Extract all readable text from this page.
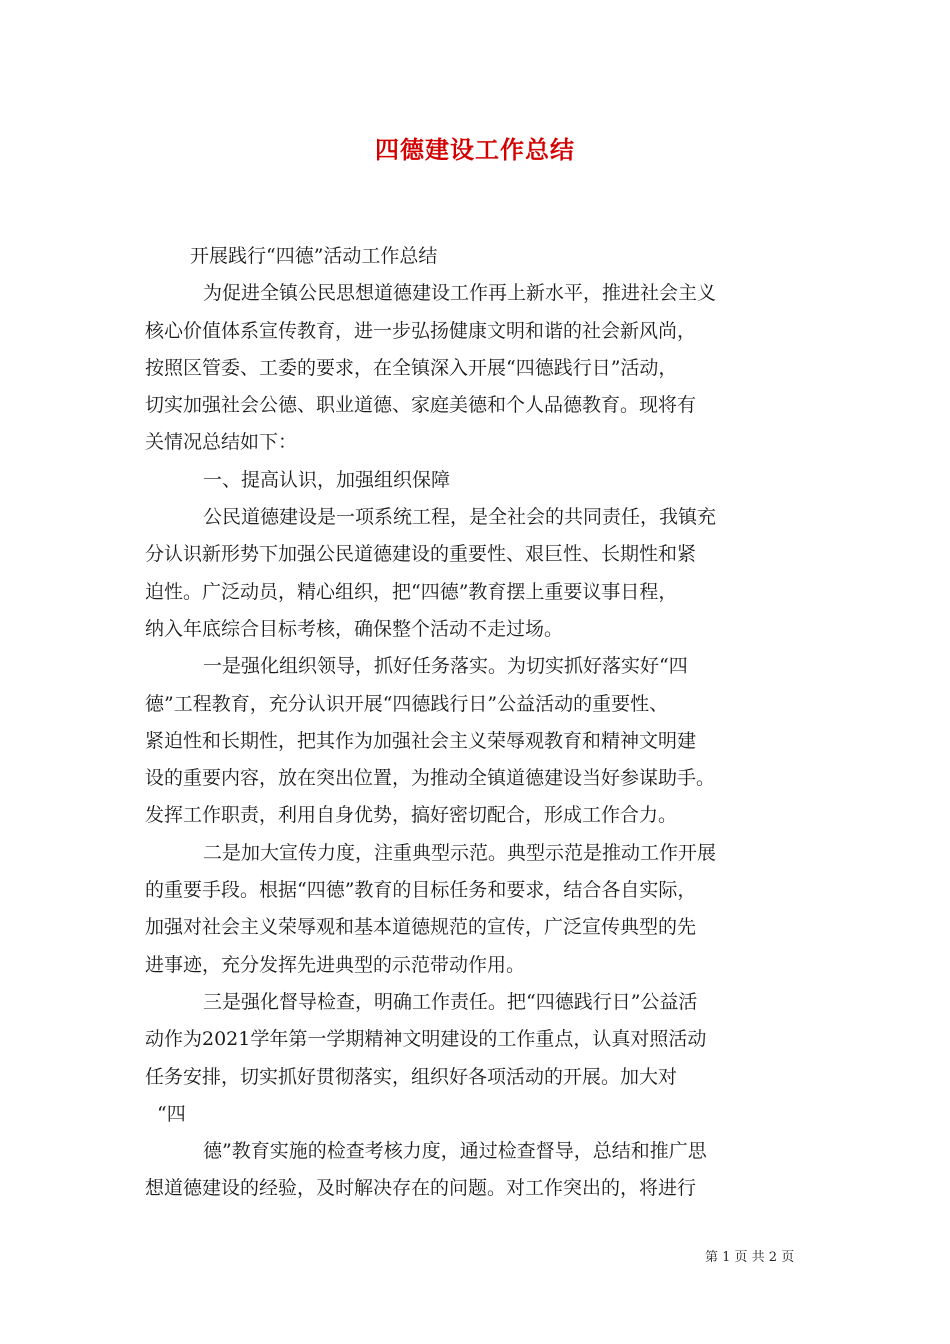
四德建设工作总结
开展践行“四德”活动工作总结
为促进全镇公民思想道德建设工作再上新水平，推进社会主义
核心价值体系宣传教育，进一步弘扬健康文明和谐的社会新风尚，
按照区管委、工委的要求，在全镇深入开展“四德践行日”活动，
切实加强社会公德、职业道德、家庭美德和个人品德教育。现将有
关情况总结如下：
一、提高认识，加强组织保障
公民道德建设是一项系统工程，是全社会的共同责任，我镇充
分认识新形势下加强公民道德建设的重要性、艰巨性、长期性和紧
迫性。广泛动员，精心组织，把“四德”教育摆上重要议事日程，
纳入年底综合目标考核，确保整个活动不走过场。
一是强化组织领导，抓好任务落实。为切实抓好落实好“四
德”工程教育，充分认识开展“四德践行日”公益活动的重要性、
紧迫性和长期性，把其作为加强社会主义荣辱观教育和精神文明建
设的重要内容，放在突出位置，为推动全镇道德建设当好参谋助手。
发挥工作职责，利用自身优势，搞好密切配合，形成工作合力。
二是加大宣传力度，注重典型示范。典型示范是推动工作开展
的重要手段。根据“四德”教育的目标任务和要求，结合各自实际，
加强对社会主义荣辱观和基本道德规范的宣传，广泛宣传典型的先
进事迹，充分发挥先进典型的示范带动作用。
三是强化督导检查，明确工作责任。把“四德践行日”公益活
动作为2021学年第一学期精神文明建设的工作重点，认真对照活动
任务安排，切实抓好贯彻落实，组织好各项活动的开展。加大对
“四
德”教育实施的检查考核力度，通过检查督导，总结和推广思
想道德建设的经验，及时解决存在的问题。对工作突出的，将进行
第 1 页 共 2 页
